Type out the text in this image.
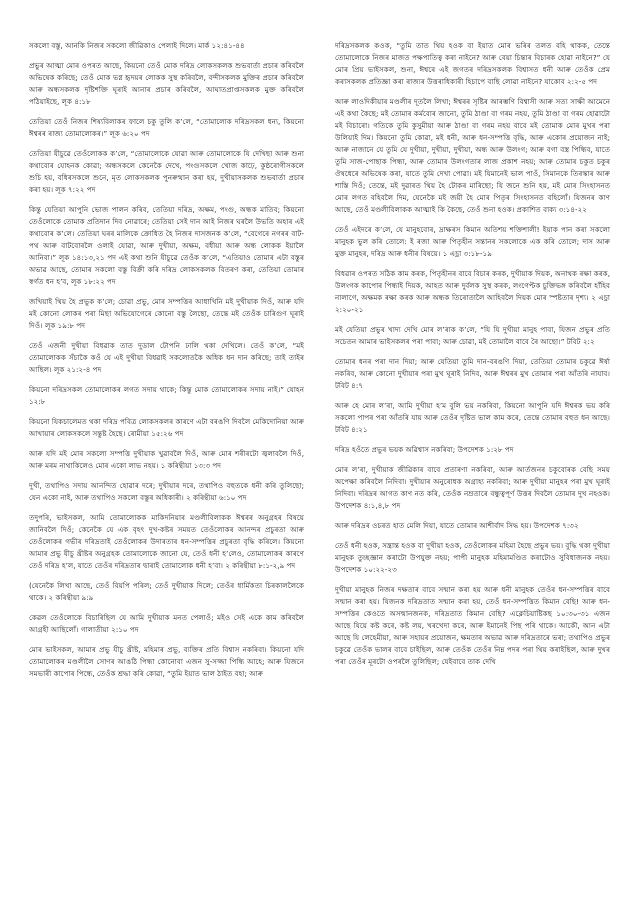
সকলো বস্তু, আনকি নিজৰ সকলো জীৱিকাও পেলাই দিলে। মাৰ্ক ১২:৪১-৪৪

প্ৰভুৰ আত্মা মোৰ ওপৰত আছে, কিয়নো তেওঁ মোক দৰিদ্ৰ লোকসকলক শুভবাৰ্তা প্ৰচাৰ কৰিবলৈ অভিষেক কৰিছে; তেওঁ মোক ভগ্ন হৃদয়ৰ লোকক সুস্থ কৰিবলৈ, বন্দীসকলক মুক্তিৰ প্ৰচাৰ কৰিবলৈ আৰু অন্ধসকলক দৃষ্টিশক্তি ঘূৰাই আনাৰ প্ৰচাৰ কৰিবলৈ, আঘাতপ্ৰাপ্তসকলক মুক্ত কৰিবলৈ পঠিয়াইছে, লূক ৪:১৮

তেতিয়া তেওঁ নিজৰ শিষ্যবিলাকৰ ফালে চকু তুলি ক’লে, “তোমালোক দৰিদ্ৰসকল ধন্য, কিয়নো ঈশ্বৰৰ ৰাজ্য তোমালোকৰ।” লূক ৬:২০ পদ

তেতিয়া যীচুৱে তেওঁলোকক ক’লে, “তোমালোকে যোৱা আৰু তোমালোকে যি দেখিছা আৰু শুনা কথাবোৰ যোহনক কোৱা; অন্ধসকলে কেনেকৈ দেখে, পংগুসকলে খোজ কাঢ়ে, কুষ্ঠৰোগীসকলে শুচি হয়, বধিৰসকলে শুনে, মৃত লোকসকলক পুনৰুত্থান কৰা হয়, দুখীয়াসকলক শুভবাৰ্তা প্ৰচাৰ কৰা হয়। লূক ৭:২২ পদ

কিন্তু যেতিয়া আপুনি ভোজ পালন কৰিব, তেতিয়া দৰিদ্ৰ, অক্ষম, পংগু, অন্ধক মাতিব; কিয়নো তেওঁলোকে তোমাক প্ৰতিদান দিব নোৱাৰে; তেতিয়া সেই দান আই নিজৰ ঘৰলৈ উভতি অহাৰ এই কথাবোৰ ক’লে। তেতিয়া ঘৰৰ মালিকে ক্ৰোধিত হৈ নিজৰ দাসজনক ক’লে, “বেগেৰে নগৰৰ বাট-পথ আৰু বাটবোৰলৈ ওলাই যোৱা, আৰু দুখীয়া, অক্ষম, বধীয়া আৰু অন্ধ লোকক ইয়ালৈ আনিবা।” লূক ১৪:১৩,২১ পদ এই কথা শুনি যীচুৱে তেওঁক ক’লে, “এতিয়াও তোমাৰ এটা বস্তুৰ অভাৱ আছে, তোমাৰ সকলো বস্তু বিক্ৰী কৰি দৰিদ্ৰ লোকসকলক বিতৰণ কৰা, তেতিয়া তোমাৰ স্বৰ্গত ধন হ’ব, লূক ১৮:২২ পদ

জখিয়াই থিয় হৈ প্ৰভুক ক’লে; চোৱা প্ৰভু, মোৰ সম্পত্তিৰ আধাখিনি মই দুখীয়াক দিওঁ, আৰু যদি মই কোনো লোকৰ পৰা মিছা অভিযোগেৰে কোনো বস্তু লৈছো, তেন্তে মই তেওঁক চাৰিগুণ ঘূৰাই দিওঁ। লূক ১৯:৮ পদ

তেওঁ এজনী দুখীয়া বিধৱাক তাত দুডাল টোপনি ঢালি থকা দেখিলে। তেওঁ ক’লে, “মই তোমালোকক সঁচাকৈ কওঁ যে এই দুখীয়া বিধৱাই সকলোতকৈ অধিক ধন দান কৰিছে; তাই তাইৰ আছিল। লূক ২১:২-৪ পদ

কিয়নো দৰিদ্ৰসকল তোমালোকৰ লগত সদায় থাকে; কিন্তু মোক তোমালোকৰ সদায় নাই।” যোহন ১২:৮

কিয়নো যিকচালেমত থকা দৰিদ্ৰ পবিত্ৰ লোকসকলৰ কাৰণে এটা বৰঙণি দিবলৈ মেকিদোনিয়া আৰু আখায়াৰ লোকসকলে সন্তুষ্ট হৈছে। ৰোমীয়া ১৫:২৬ পদ

আৰু যদি মই মোৰ সকলো সম্পত্তি দুখীয়াক খুৱাবলৈ দিওঁ, আৰু মোৰ শৰীৰটো জ্বলাবলৈ দিওঁ, আৰু মৰম নাথাকিলেও মোৰ একো লাভ নহয়। ১ কৰিন্থীয়া ১৩:৩ পদ

দুখী, তথাপিও সদায় আনন্দিত হোৱাৰ দৰে; দুখীয়াৰ দৰে, তথাপিও বহুতকে ধনী কৰি তুলিছো; যেন একো নাই, আৰু তথাপিও সকলো বস্তুৰ অধিকাৰী। ২ কৰিন্থীয়া ৬:১০ পদ

তদুপৰি, ভাইসকল, আমি তোমালোকক মাকিদনিয়াৰ মণ্ডলীবিলাকক ঈশ্বৰৰ অনুগ্ৰহৰ বিষয়ে জানিবলৈ দিওঁ; কেনেকৈ যে এক বৃহৎ দুখ-কষ্টৰ সময়ত তেওঁলোকৰ আনন্দৰ প্ৰচুৰতা আৰু তেওঁলোকৰ গভীৰ দৰিদ্ৰতাই তেওঁলোকৰ উদাৰতাৰ ধন-সম্পত্তিৰ প্ৰচুৰতা বৃদ্ধি কৰিলে। কিয়নো আমাৰ প্ৰভু যীচু খ্ৰীষ্টৰ অনুগ্ৰহক তোমালোকে জানো যে, তেওঁ ধনী হ’লেও, তোমালোকৰ কাৰণে তেওঁ দৰিদ্ৰ হ’ল, যাতে তেওঁৰ দৰিদ্ৰতাৰ দ্বাৰাই তোমালোক ধনী হ’বা। ২ কৰিন্থীয়া ৮:১-২,৯ পদ

(যেনেকৈ লিখা আছে, তেওঁ বিয়পি পৰিল; তেওঁ দুখীয়াক দিলে; তেওঁৰ ধাৰ্মিকতা চিৰকাললৈকে থাকে। ২ কৰিন্থীয়া ৯:৯

কেৱল তেওঁলোকে বিচাৰিছিল যে আমি দুখীয়াক মনত পেলাওঁ; মইও সেই একে কাম কৰিবলৈ আগ্ৰহী আছিলোঁ। গালাতীয়া ২:১০ পদ

মোৰ ভাইসকল, আমাৰ প্ৰভু যীচু খ্ৰীষ্ট, মহিমাৰ প্ৰভু, ব্যক্তিৰ প্ৰতি বিশ্বাস নকৰিবা। কিয়নো যদি তোমালোকৰ মণ্ডলীলৈ সোণৰ আঙঠি পিন্ধা কোনোবা এজন সু-সজ্জা পিন্ধি আহে; আৰু যিজনে সমভাৰী কাপোৰ পিন্ধে, তেওঁক শ্ৰদ্ধা কৰি কোৱা, “তুমি ইয়াত ভাল ঠাইত বহা; আৰু

দৰিদ্ৰসকলক কওক, “তুমি তাত থিয় হওক বা ইয়াত মোৰ ভৰিৰ তলত বহি থাকক, তেন্তে তোমালোকে নিজৰ মাজত পক্ষপাতিত্ব কৰা নাইনে? আৰু বেয়া চিন্তাৰ বিচাৰক হোৱা নাইনে?” যে মোৰ প্ৰিয় ভাইসকল, শুনা, ঈশ্বৰে এই জগতৰ দৰিদ্ৰসকলক বিশ্বাসত ধনী আৰু তেওঁক প্ৰেম কৰাসকলক প্ৰতিজ্ঞা কৰা ৰাজ্যৰ উত্তৰাধিকাৰী হিচাপে বাছি লোৱা নাইনে? যাকোব ২:২-৫ পদ

আৰু লাওদিকীয়াৰ মণ্ডলীৰ দূতলৈ লিখা; ঈশ্বৰৰ সৃষ্টিৰ আৰম্ভণি বিশ্বাসী আৰু সত্য সাক্ষী আমেনে এই কথা কৈছে; মই তোমাৰ কৰ্মবোৰ জানো, তুমি ঠাণ্ডা বা গৰম নহয়, তুমি ঠাণ্ডা বা গৰম হোৱাটো মই বিচাৰো। গতিকে তুমি কুসুমীয়া আৰু ঠাণ্ডা বা গৰম নহয় বাবে মই তোমাক মোৰ মুখৰ পৰা উলিয়াই দিম। কিয়নো তুমি কোৱা, মই ধনী, আৰু ধন-সম্পত্তি বৃদ্ধি, আৰু একোৰ প্ৰয়োজন নাই; আৰু নাজানে যে তুমি যে দুখীয়া, দুখীয়া, দুখীয়া, অন্ধ আৰু উলংগ; আৰু বগা বস্ত্ৰ পিন্ধিব, যাতে তুমি সাজ-পোছাক পিন্ধা, আৰু তোমাৰ উলংগতাৰ লাজ প্ৰকাশ নহয়; আৰু তোমাৰ চকুত চকুৰ ঔষধেৰে অভিষেক কৰা, যাতে তুমি দেখা পোৱা। মই যিমানেই ভাল পাওঁ, সিমানকে তিৰস্কাৰ আৰু শাস্তি দিওঁ; তেন্তে, মই দুৱাৰত থিয় হৈ টোকৰ মাৰিছো; যি জনে শুনি হয়, মই মোৰ সিংহাসনত মোৰ লগত বহিবলৈ দিম, যেনেকৈ মই জয়ী হৈ মোৰ পিতৃৰ সিংহাসনত বহিলোঁ। যিজনৰ কাণ আছে, তেওঁ মণ্ডলীবিলাকক আত্মাই কি কৈছে, তেওঁ শুনা হওক। প্ৰকাশিত বাক্য ৩:১৪-২২

তেওঁ এইদৰে ক’লে, যে মানুহবোৰ, দ্ৰাক্ষৰস কিমান অতিশয় শক্তিশালী! ইয়াক পান কৰা সকলো মানুহক ভুল কৰি তোলে: ই ৰজা আৰু পিতৃহীন সন্তানৰ সকলোকে এক কৰি তোলে; দাস আৰু মুক্ত মানুহৰ, দৰিদ্ৰ আৰু ধনীৰ বিষয়ে। ১ এচ্ৰা ৩:১৮-১৯

বিধৱাৰ ওপৰত সঠিক কাম কৰক, পিতৃহীনৰ বাবে বিচাৰ কৰক, দুখীয়াক দিয়ক, অনাথক ৰক্ষা কৰক, উলংগক কাপোৰ পিন্ধাই দিয়ক, আহত আৰু দুৰ্বলক সুস্থ কৰক, লংগেপ্টক চুক্তিভঙ্গ কৰিবলৈ হাঁহিব নালাগে, অক্ষমক ৰক্ষা কৰক আৰু অন্ধক তিৰোতালৈ আহিবলৈ দিয়ক মোৰ স্পষ্টতাৰ দৃশ্য। ২ এচ্ৰা ২:২০-২১

মই যেতিয়া প্ৰভুৰ খাদ্য দেখি মোৰ ল’ৰাক ক’লে, “যি যি দুখীয়া মানুহ পাবা, যিজন প্ৰভুৰ প্ৰতি সচেতন আমাৰ ভাইসকলৰ পৰা পাবা; আৰু চোৱা, মই তোমালৈ বাবে ৰৈ আছো।” টবিট ২:২

তোমাৰ ধনৰ পৰা দান দিয়া; আৰু যেতিয়া তুমি দান-বৰঙণি দিয়া, তেতিয়া তোমাৰ চকুৱে ঈৰ্ষা নকৰিব, আৰু কোনো দুখীয়াৰ পৰা মুখ ঘূৰাই নিদিব, আৰু ঈশ্বৰৰ মুখ তোমাৰ পৰা আঁতৰি নাযাব। টবিট ৪:৭

আৰু হে মোৰ ল’ৰা, আমি দুখীয়া হ’ম বুলি ভয় নকৰিবা, কিয়নো আপুনি যদি ঈশ্বৰক ভয় কৰি সকলো পাপৰ পৰা আঁতৰি যায় আৰু তেওঁৰ দৃষ্টিত ভাল কাম কৰে, তেন্তে তোমাৰ বহুত ধন আছে। টবিট ৪:২১

দৰিদ্ৰ হওঁতে প্ৰভুৰ ভয়ক অৱিশ্বাস নকৰিবা; উপদেশক ১:২৮ পদ

মোৰ ল’ৰা, দুখীয়াক জীৱিকাৰ বাবে প্ৰতাৰণা নকৰিবা, আৰু আৰ্তজনৰ চকুবোৰক বেছি সময় অপেক্ষা কৰিবলৈ নিদিবা। দুখীয়াৰ অনুৰোধক অগ্ৰাহ্য নকৰিবা; আৰু দুখীয়া মানুহৰ পৰা মুখ ঘূৰাই নিদিবা। দৰিদ্ৰৰ আগত কাণ নত কৰি, তেওঁক নম্ৰতাৰে বন্ধুত্বপূৰ্ণ উত্তৰ দিবলৈ তোমাৰ দুখ নহওক। উপদেশক ৪:১,৪,৮ পদ

আৰু দৰিদ্ৰৰ ওচৰত হাত মেলি দিয়া, যাতে তোমাৰ আশীৰ্বাদ সিদ্ধ হয়। উপদেশক ৭:৩২

তেওঁ ধনী হওক, সন্ত্ৰান্ত হওক বা দুখীয়া হওক, তেওঁলোকৰ মহিমা হৈছে প্ৰভুৰ ভয়। বুদ্ধি থকা দুখীয়া মানুহক তুচ্ছজ্ঞান কৰাটো উপযুক্ত নহয়; পাপী মানুহক মহিমামণ্ডিত কৰাটোও সুবিধাজনক নহয়। উপদেশক ১০:২২-২৩

দুখীয়া মানুহক নিজৰ দক্ষতাৰ বাবে সন্মান কৰা হয় আৰু ধনী মানুহক তেওঁৰ ধন-সম্পত্তিৰ বাবে সন্মান কৰা হয়। যিজনক দৰিদ্ৰতাত সন্মান কৰা হয়, তেওঁ ধন-সম্পত্তিত কিমান বেছি! আৰু ধন-সম্পত্তিৰ কেওতে অসন্মানজনক, দৰিদ্ৰতাত কিমান বেছি? এক্লেচিয়াষ্টিকছ ১০:৩০-৩১ এজন আছে যিয়ে কষ্ট কৰে, কষ্ট লয়, খৰখেদা কৰে, আৰু ইমানেই পিছ পৰি থাকে। আকৌ, আন এটা আছে যি লেহেমীয়া, আৰু সহায়ৰ প্ৰয়োজন, ক্ষমতাৰ অভাৱ আৰু দৰিদ্ৰতাৰে ভৰা; তথাপিও প্ৰভুৰ চকুৱে তেওঁক ভালৰ বাবে চাইছিল, আৰু তেওঁক তেওঁৰ নিম্ন পদৰ পৰা থিয় কৰাইছিল, আৰু দুখৰ পৰা তেওঁৰ মূৰটো ওপৰলৈ তুলিছিল; যেইবাবে তাক দেখি
